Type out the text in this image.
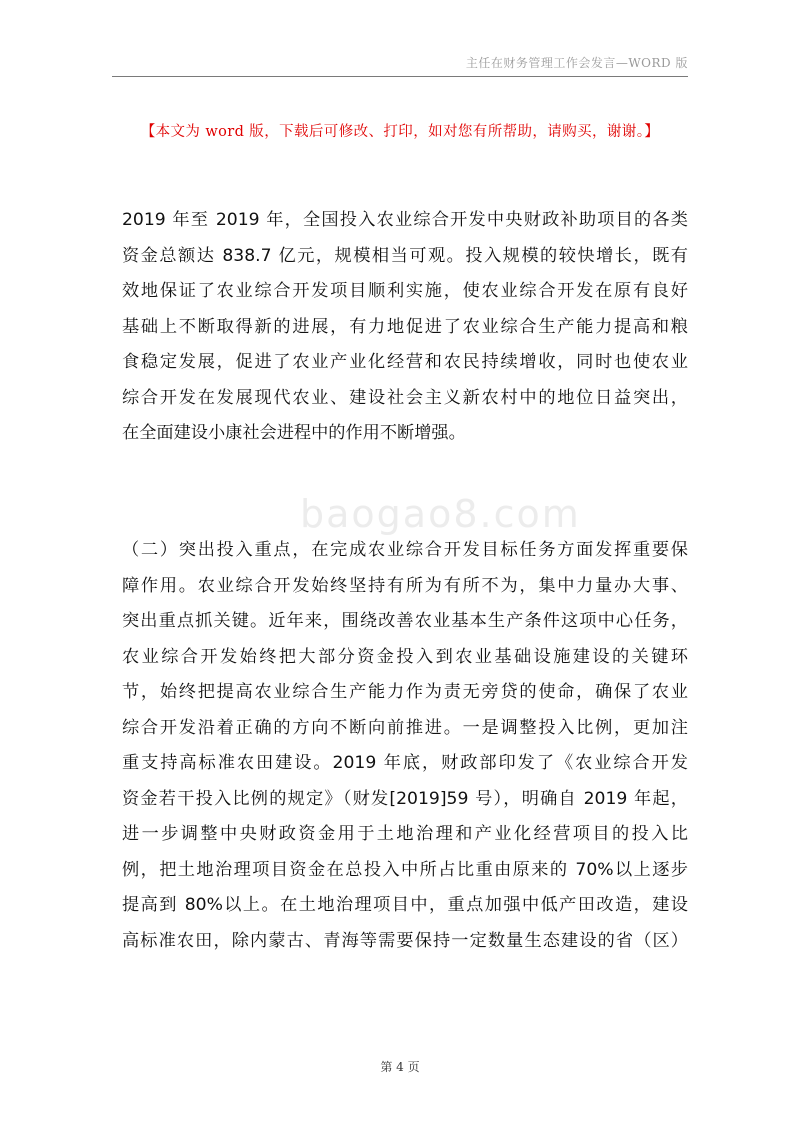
主任在财务管理工作会发言—WORD 版
【本文为 word 版，下载后可修改、打印，如对您有所帮助，请购买，谢谢。】
baogao8.com
2019 年至 2019 年，全国投入农业综合开发中央财政补助项目的各类
资金总额达 838.7 亿元，规模相当可观。投入规模的较快增长，既有
效地保证了农业综合开发项目顺利实施，使农业综合开发在原有良好
基础上不断取得新的进展，有力地促进了农业综合生产能力提高和粮
食稳定发展，促进了农业产业化经营和农民持续增收，同时也使农业
综合开发在发展现代农业、建设社会主义新农村中的地位日益突出，
在全面建设小康社会进程中的作用不断增强。
（二）突出投入重点，在完成农业综合开发目标任务方面发挥重要保
障作用。农业综合开发始终坚持有所为有所不为，集中力量办大事、
突出重点抓关键。近年来，围绕改善农业基本生产条件这项中心任务，
农业综合开发始终把大部分资金投入到农业基础设施建设的关键环
节，始终把提高农业综合生产能力作为责无旁贷的使命，确保了农业
综合开发沿着正确的方向不断向前推进。一是调整投入比例，更加注
重支持高标准农田建设。2019 年底，财政部印发了《农业综合开发
资金若干投入比例的规定》（财发[2019]59 号），明确自 2019 年起，
进一步调整中央财政资金用于土地治理和产业化经营项目的投入比
例，把土地治理项目资金在总投入中所占比重由原来的 70%以上逐步
提高到 80%以上。在土地治理项目中，重点加强中低产田改造，建设
高标准农田，除内蒙古、青海等需要保持一定数量生态建设的省（区）
第 4 页
